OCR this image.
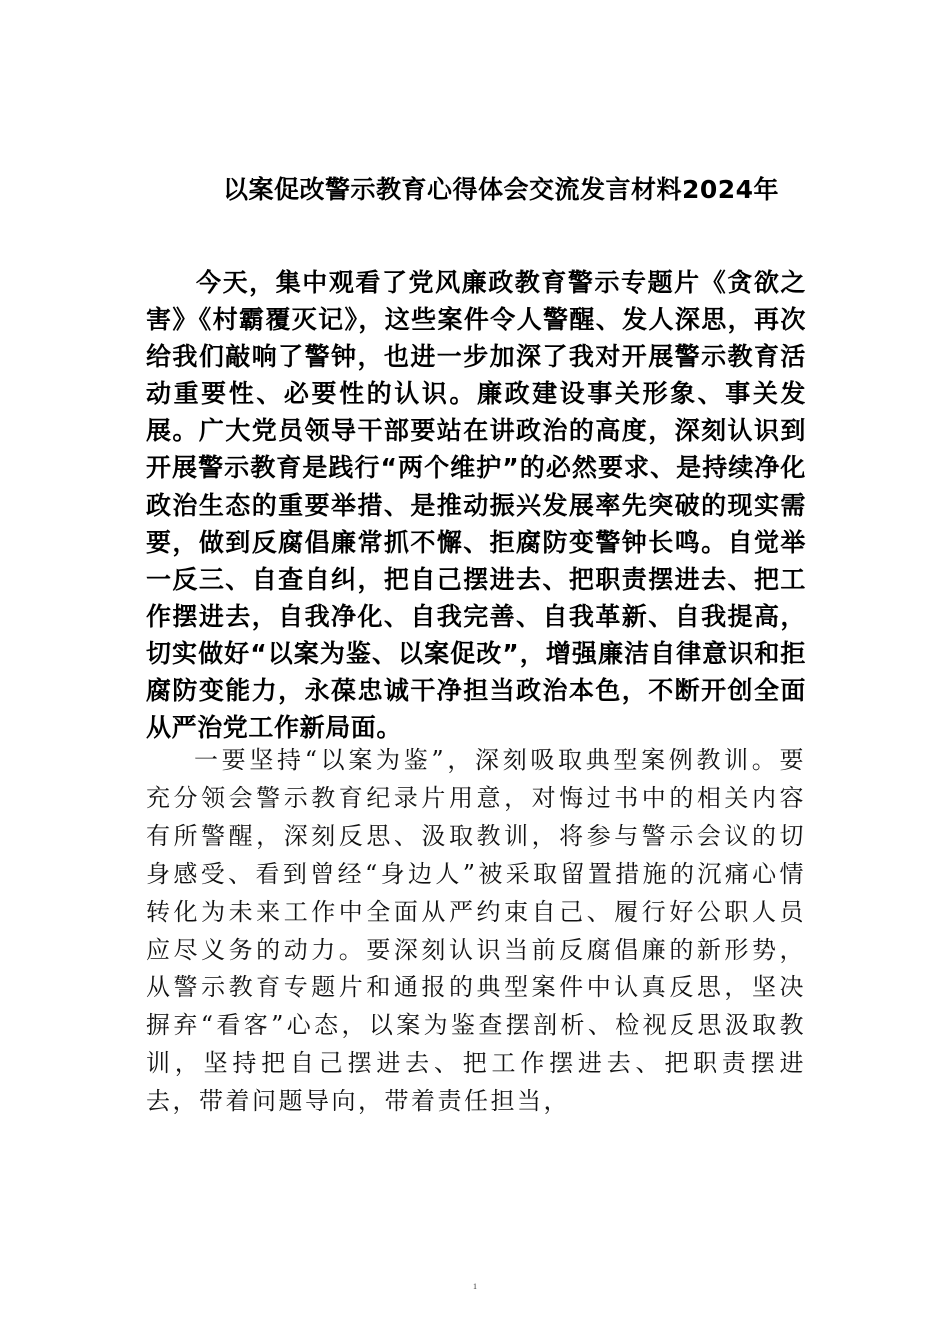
以案促改警示教育心得体会交流发言材料2024年

今天，集中观看了党风廉政教育警示专题片《贪欲之害》《村霸覆灭记》，这些案件令人警醒、发人深思，再次给我们敲响了警钟，也进一步加深了我对开展警示教育活动重要性、必要性的认识。廉政建设事关形象、事关发展。广大党员领导干部要站在讲政治的高度，深刻认识到开展警示教育是践行“两个维护”的必然要求、是持续净化政治生态的重要举措、是推动振兴发展率先突破的现实需要，做到反腐倡廉常抓不懈、拒腐防变警钟长鸣。自觉举一反三、自查自纠，把自己摆进去、把职责摆进去、把工作摆进去，自我净化、自我完善、自我革新、自我提高，切实做好“以案为鉴、以案促改”，增强廉洁自律意识和拒腐防变能力，永葆忠诚干净担当政治本色，不断开创全面从严治党工作新局面。

一要坚持“以案为鉴”，深刻吸取典型案例教训。要充分领会警示教育纪录片用意，对悔过书中的相关内容有所警醒，深刻反思、汲取教训，将参与警示会议的切身感受、看到曾经“身边人”被采取留置措施的沉痛心情转化为未来工作中全面从严约束自己、履行好公职人员应尽义务的动力。要深刻认识当前反腐倡廉的新形势，从警示教育专题片和通报的典型案件中认真反思，坚决摒弃“看客”心态，以案为鉴查摆剖析、检视反思汲取教训，坚持把自己摆进去、把工作摆进去、把职责摆进去，带着问题导向，带着责任担当，

1
